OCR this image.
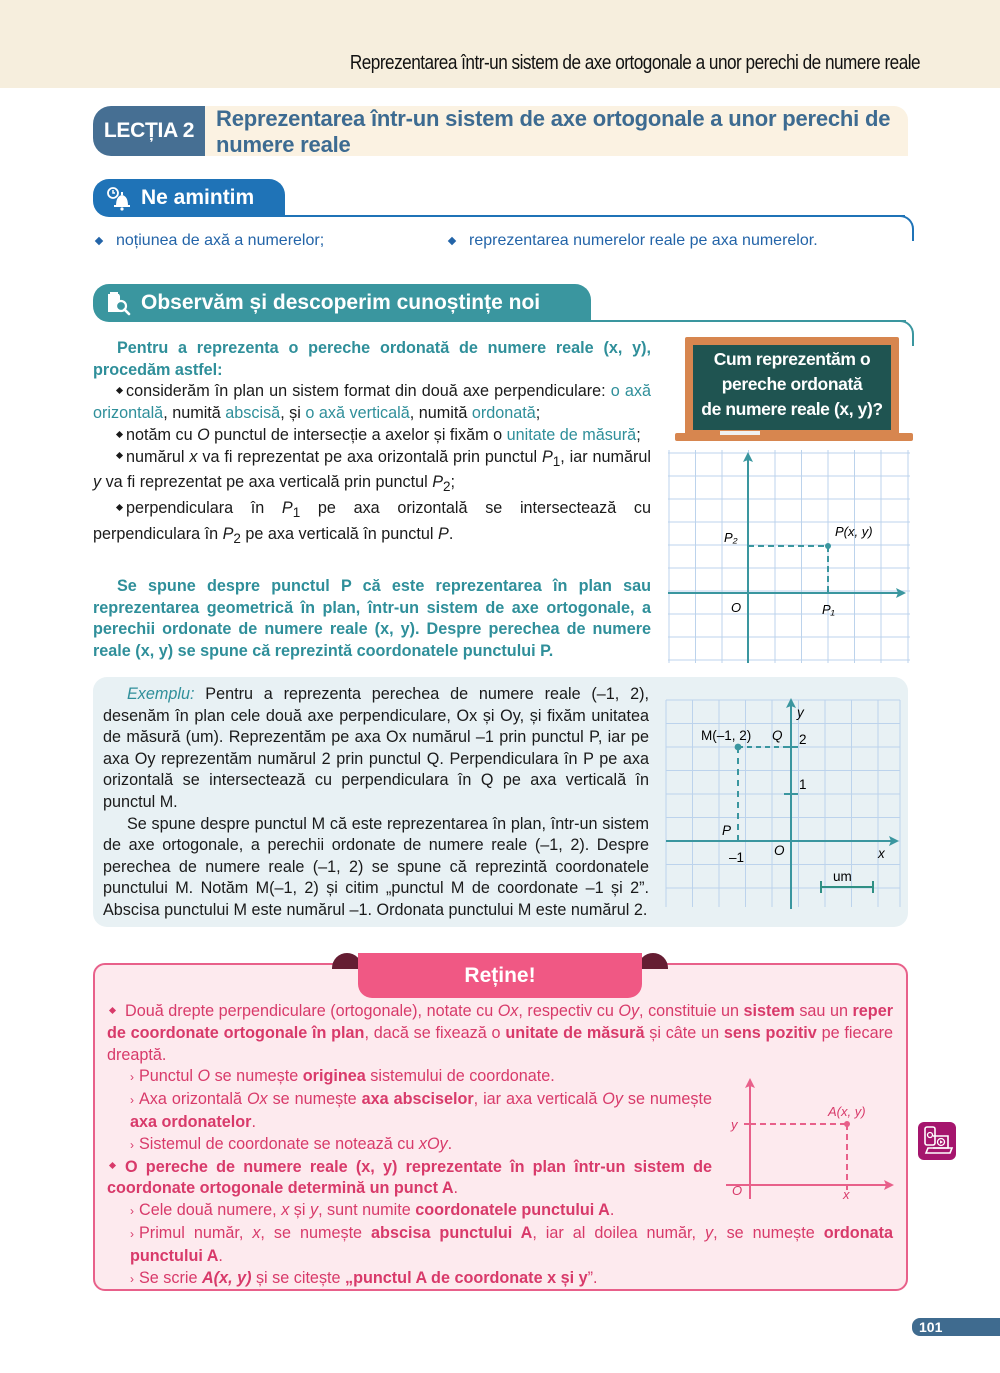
Reprezentarea într-un sistem de axe ortogonale a unor perechi de numere reale
LECȚIA 2 Reprezentarea într-un sistem de axe ortogonale a unor perechi de
numere reale
Ne amintim
noțiunea de axă a numerelor;	reprezentarea numerelor reale pe axa numerelor.
Observăm și descoperim cunoștințe noi

Pentru a reprezenta o pereche ordonată de numere reale (x, y), procedăm astfel:

considerăm în plan un sistem format din două axe perpendiculare: o axă orizontală, numită abscisă, și o axă verticală, numită ordonată;

notăm cu O punctul de intersecție a axelor și fixăm o unitate de măsură;

numărul x va fi reprezentat pe axa orizontală prin punctul $P_1$, iar numărul y va fi reprezentat pe axa verticală prin punctul $P_2$;

perpendiculara în $P_1$ pe axa orizontală se intersectează cu perpendiculara în $P_2$ pe axa verticală în punctul P.

Se spune despre punctul P că este reprezentarea în plan sau reprezentarea geometrică în plan, într-un sistem de axe ortogonale, a perechii ordonate de numere reale (x, y). Despre perechea de numere reale (x, y) se spune că reprezintă coordonatele punctului P.
Cum reprezentăm o
pereche ordonată
de numere reale (x, y)?
P₂	P(x, y)
O	P₁

Exemplu: Pentru a reprezenta perechea de numere reale (–1, 2), desenăm în plan cele două axe perpendiculare, Ox și Oy, și fixăm unitatea de măsură (um). Reprezentăm pe axa Ox numărul –1 prin punctul P, iar pe axa Oy reprezentăm numărul 2 prin punctul Q. Perpendiculara în P pe axa orizontală se intersectează cu perpendiculara în Q pe axa verticală în punctul M.

Se spune despre punctul M că este reprezentarea în plan, într-un sistem de axe ortogonale, a perechii ordonate de numere reale (–1, 2). Despre perechea de numere reale (–1, 2) se spune că reprezintă coordonatele punctului M. Notăm M(–1, 2) și citim „punctul M de coordonate –1 și 2”. Abscisa punctului M este numărul –1. Ordonata punctului M este numărul 2.

M(–1, 2) Q
y
2
1
P
–1 O	x
um
Reține!

Două drepte perpendiculare (ortogonale), notate cu Ox, respectiv cu Oy, constituie un sistem sau un reper de coordonate ortogonale în plan, dacă se fixează o unitate de măsură și câte un sens pozitiv pe fiecare dreaptă.

› Punctul O se numește originea sistemului de coordonate.

› Axa orizontală Ox se numește axa absciselor, iar axa verticală Oy se numește axa ordonatelor.

› Sistemul de coordonate se notează cu xOy.

O pereche de numere reale (x, y) reprezentate în plan într-un sistem de coordonate ortogonale determină un punct A.

› Cele două numere, x și y, sunt numite coordonatele punctului A.

› Primul număr, x, se numește abscisa punctului A, iar al doilea număr, y, se numește ordonata punctului A.

› Se scrie A(x, y) și se citește „punctul A de coordonate x și y”.

A(x, y)
y
O	x
101
